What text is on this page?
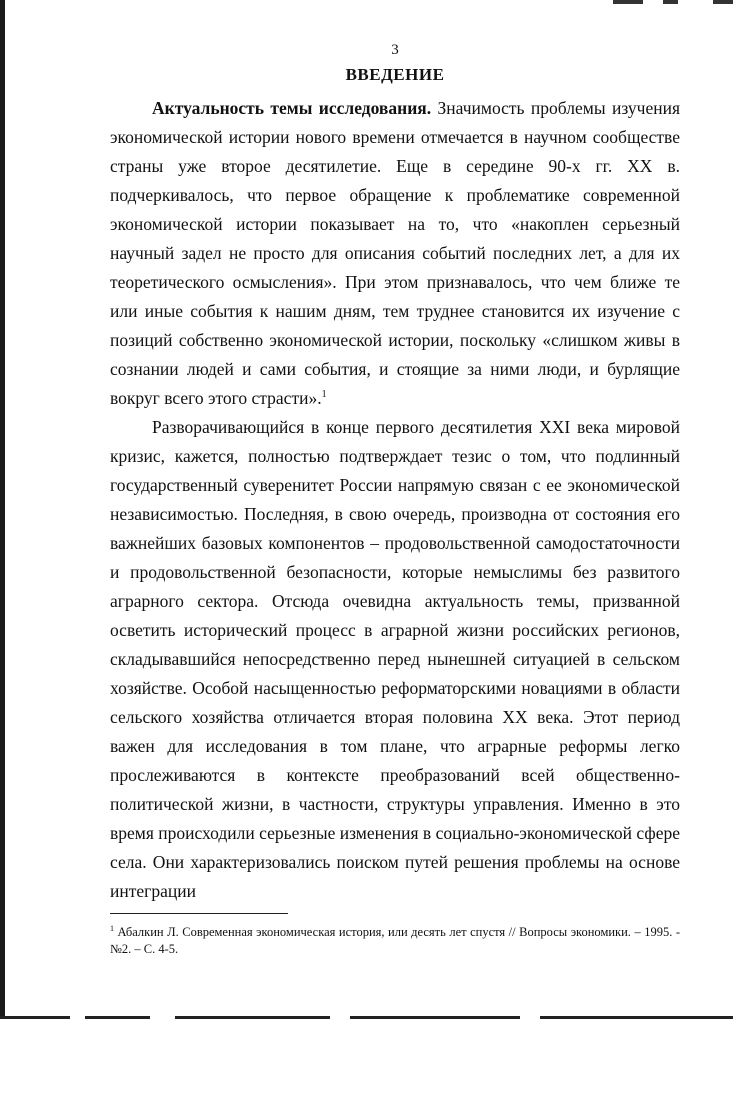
3

ВВЕДЕНИЕ

Актуальность темы исследования. Значимость проблемы изучения экономической истории нового времени отмечается в научном сообществе страны уже второе десятилетие. Еще в середине 90-х гг. XX в. подчеркивалось, что первое обращение к проблематике современной экономической истории показывает на то, что «накоплен серьезный научный задел не просто для описания событий последних лет, а для их теоретического осмысления». При этом признавалось, что чем ближе те или иные события к нашим дням, тем труднее становится их изучение с позиций собственно экономической истории, поскольку «слишком живы в сознании людей и сами события, и стоящие за ними люди, и бурлящие вокруг всего этого страсти».$^1$

Разворачивающийся в конце первого десятилетия XXI века мировой кризис, кажется, полностью подтверждает тезис о том, что подлинный государственный суверенитет России напрямую связан с ее экономической независимостью. Последняя, в свою очередь, производна от состояния его важнейших базовых компонентов – продовольственной самодостаточности и продовольственной безопасности, которые немыслимы без развитого аграрного сектора. Отсюда очевидна актуальность темы, призванной осветить исторический процесс в аграрной жизни российских регионов, складывавшийся непосредственно перед нынешней ситуацией в сельском хозяйстве. Особой насыщенностью реформаторскими новациями в области сельского хозяйства отличается вторая половина XX века. Этот период важен для исследования в том плане, что аграрные реформы легко прослеживаются в контексте преобразований всей общественно-политической жизни, в частности, структуры управления. Именно в это время происходили серьезные изменения в социально-экономической сфере села. Они характеризовались поиском путей решения проблемы на основе интеграции

$^1$ Абалкин Л. Современная экономическая история, или десять лет спустя // Вопросы экономики. – 1995. - №2. – С. 4-5.
